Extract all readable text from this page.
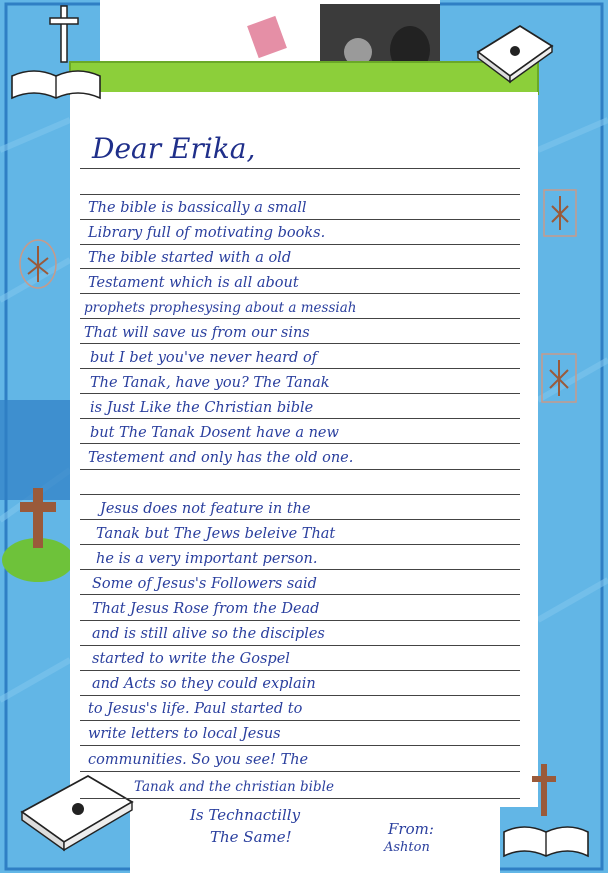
Dear Erika,
The bible is bassically a small
Library full of motivating books.
The bible started with a old
Testament which is all about
prophets prophesysing about a messiah
That will save us from our sins
but I bet you've never heard of
The Tanak, have you? The Tanak
is Just Like the Christian bible
but The Tanak Dosent have a new
Testement and only has the old one.
Jesus does not feature in the
Tanak but The Jews beleive That
he is a very important person.
Some of Jesus's Followers said
That Jesus Rose from the Dead
and is still alive so the disciples
started to write the Gospel
and Acts so they could explain
to Jesus's life. Paul started to
write letters to local Jesus
communities. So you see! The
Tanak and the christian bible
Is Technactilly
The Same!	From:
Ashton
